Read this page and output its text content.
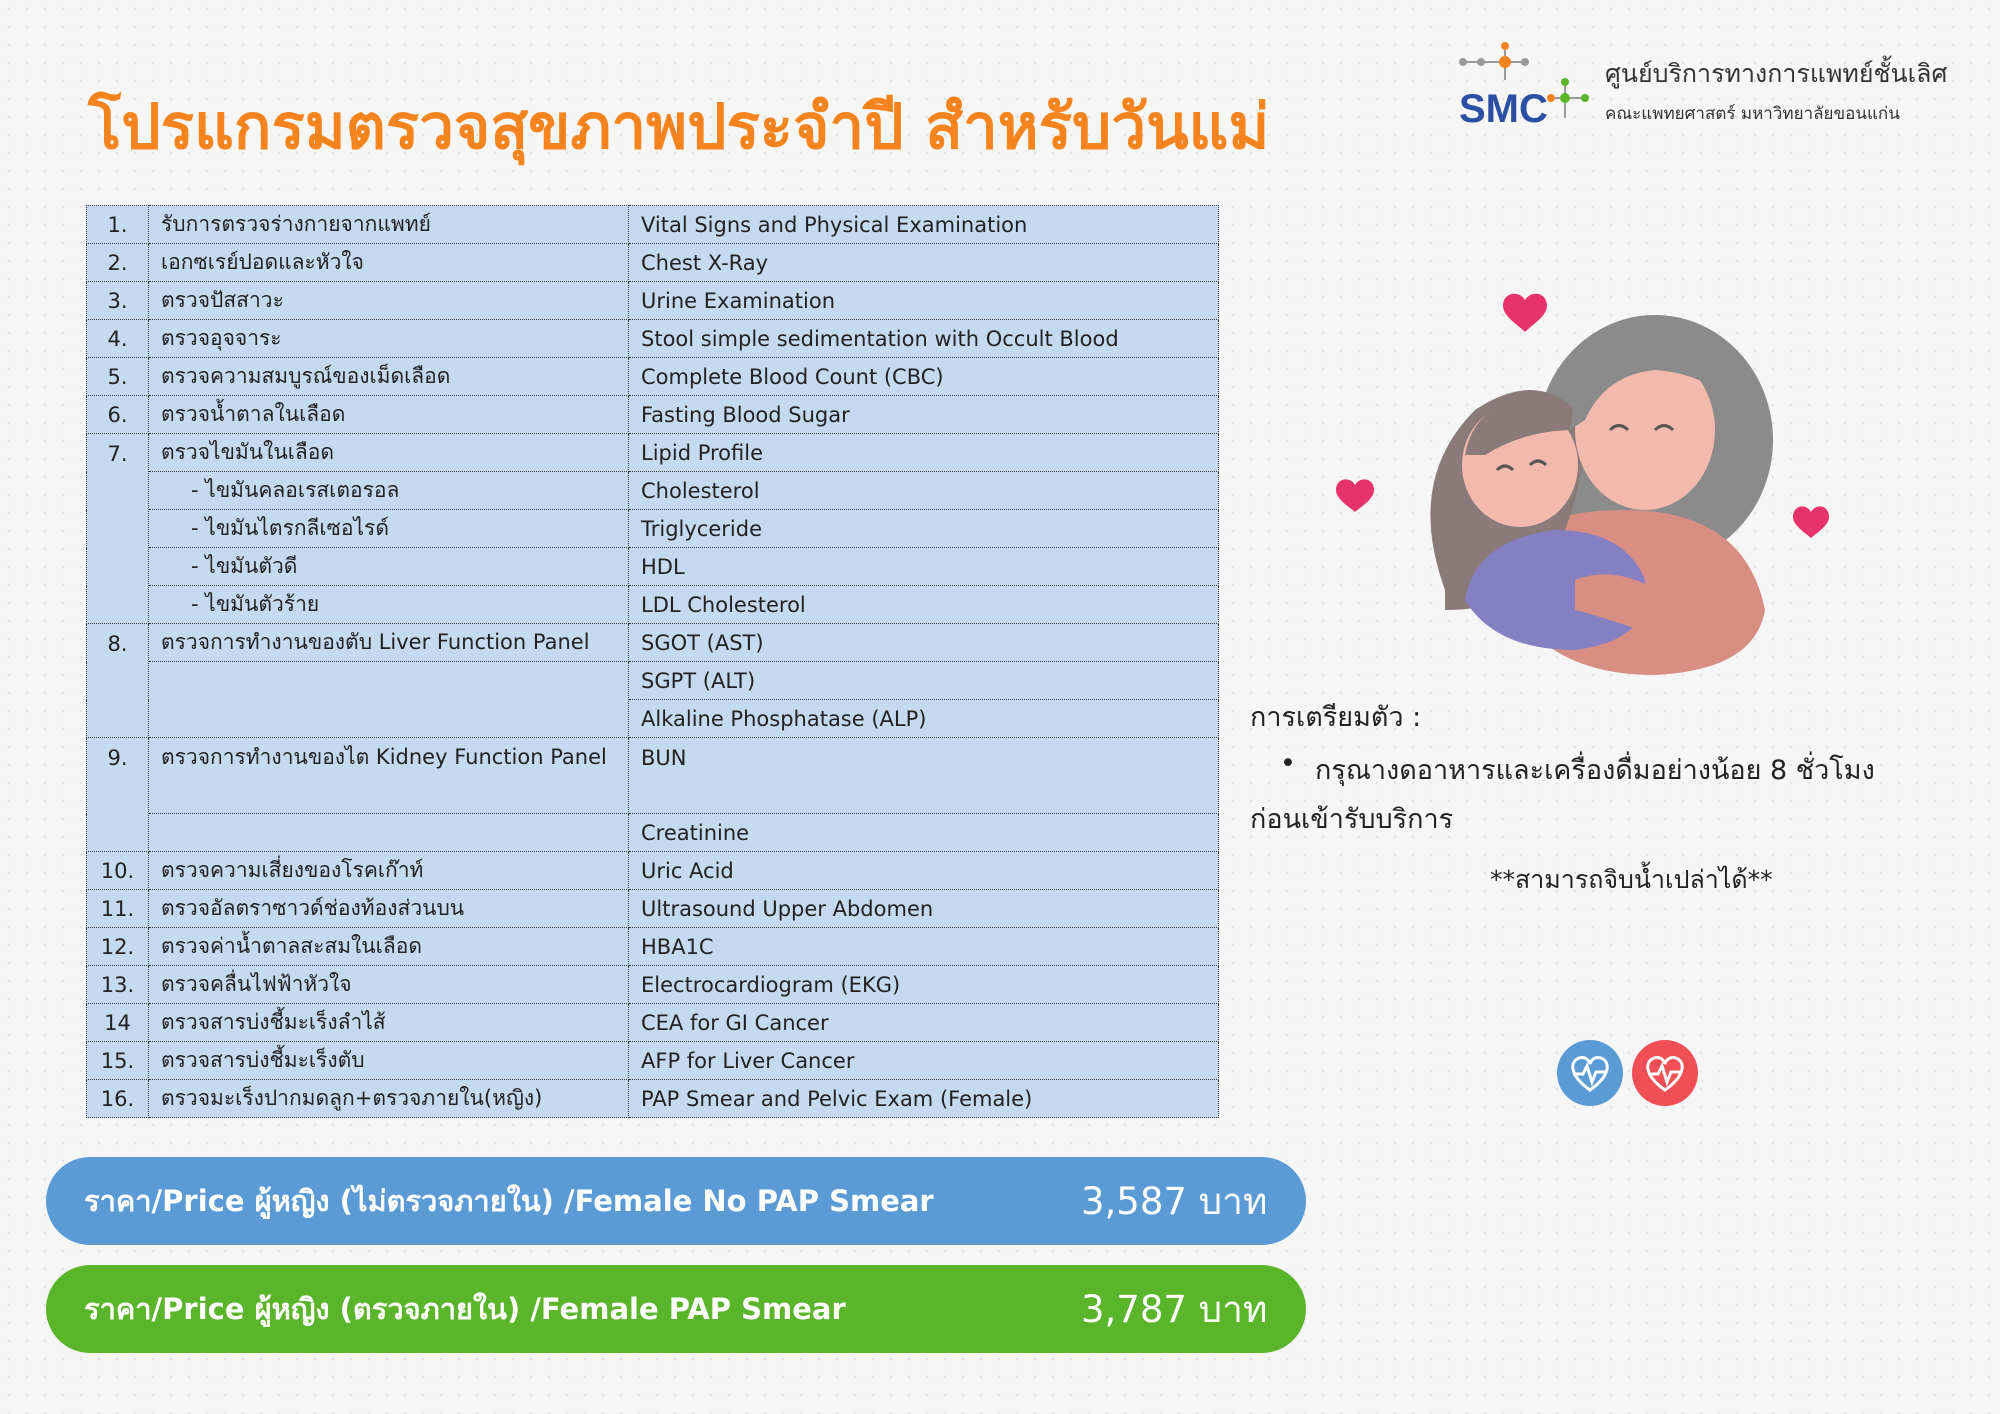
โปรแกรมตรวจสุขภาพประจำปี สำหรับวันแม่	SMC
ศูนย์บริการทางการแพทย์ชั้นเลิศ
คณะแพทยศาสตร์ มหาวิทยาลัยขอนแก่น
1.	รับการตรวจร่างกายจากแพทย์	Vital Signs and Physical Examination
2.	เอกซเรย์ปอดและหัวใจ	Chest X-Ray
3.	ตรวจปัสสาวะ	Urine Examination
4.	ตรวจอุจจาระ	Stool simple sedimentation with Occult Blood
5.	ตรวจความสมบูรณ์ของเม็ดเลือด	Complete Blood Count (CBC)
6.	ตรวจน้ำตาลในเลือด	Fasting Blood Sugar
7.	ตรวจไขมันในเลือด	Lipid Profile
	- ไขมันคลอเรสเตอรอล	Cholesterol
	- ไขมันไตรกลีเซอไรด์	Triglyceride
	- ไขมันตัวดี	HDL
	- ไขมันตัวร้าย	LDL Cholesterol
8.	ตรวจการทำงานของตับ Liver Function Panel	SGOT (AST)
		SGPT (ALT)
		Alkaline Phosphatase (ALP)
9.	ตรวจการทำงานของไต Kidney Function Panel	BUN
		Creatinine
10.	ตรวจความเสี่ยงของโรคเก๊าท์	Uric Acid
11.	ตรวจอัลตราซาวด์ช่องท้องส่วนบน	Ultrasound Upper Abdomen
12.	ตรวจค่าน้ำตาลสะสมในเลือด	HBA1C
13.	ตรวจคลื่นไฟฟ้าหัวใจ	Electrocardiogram (EKG)
14	ตรวจสารบ่งชี้มะเร็งลำไส้	CEA for GI Cancer
15.	ตรวจสารบ่งชี้มะเร็งตับ	AFP for Liver Cancer
16.	ตรวจมะเร็งปากมดลูก+ตรวจภายใน(หญิง)	PAP Smear and Pelvic Exam (Female)
ราคา/Price ผู้หญิง (ไม่ตรวจภายใน) /Female No PAP Smear	3,587 บาท
ราคา/Price ผู้หญิง (ตรวจภายใน) /Female PAP Smear	3,787 บาท
การเตรียมตัว :
• กรุณางดอาหารและเครื่องดื่มอย่างน้อย 8 ชั่วโมง
ก่อนเข้ารับบริการ
**สามารถจิบน้ำเปล่าได้**
